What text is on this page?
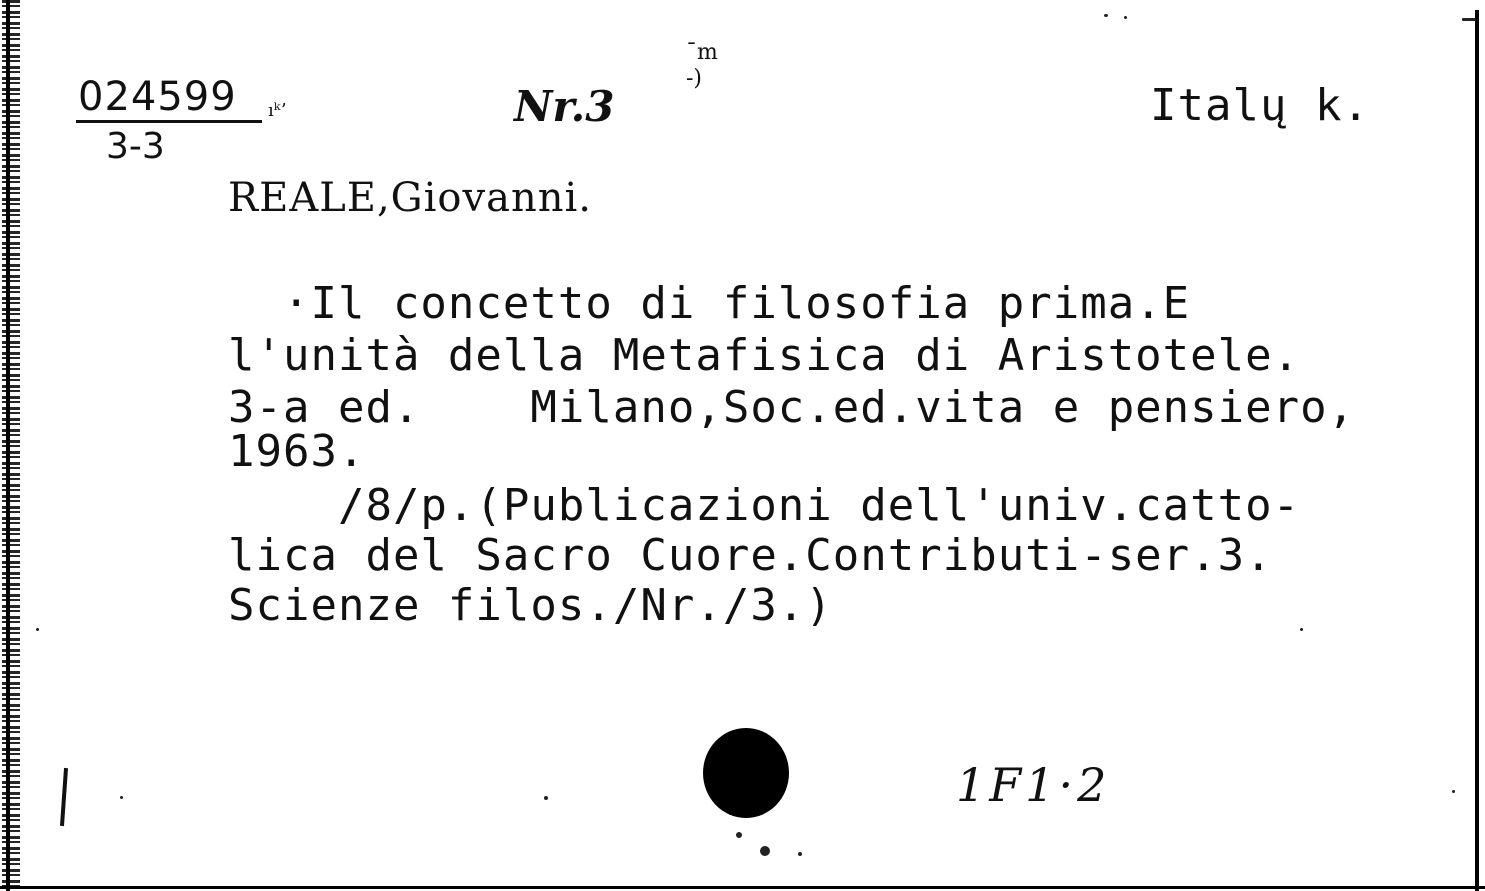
024599
3-3
ıᵏʼ	Nr.3
¯m
-)
Italų k.
REALE,Giovanni.
·Il concetto di filosofia prima.E
l'unità della Metafisica di Aristotele.
3-a ed.    Milano,Soc.ed.vita e pensiero,
1963.
/8/p.(Publicazioni dell'univ.catto-
lica del Sacro Cuore.Contributi-ser.3.
Scienze filos./Nr./3.)
1F1·2
